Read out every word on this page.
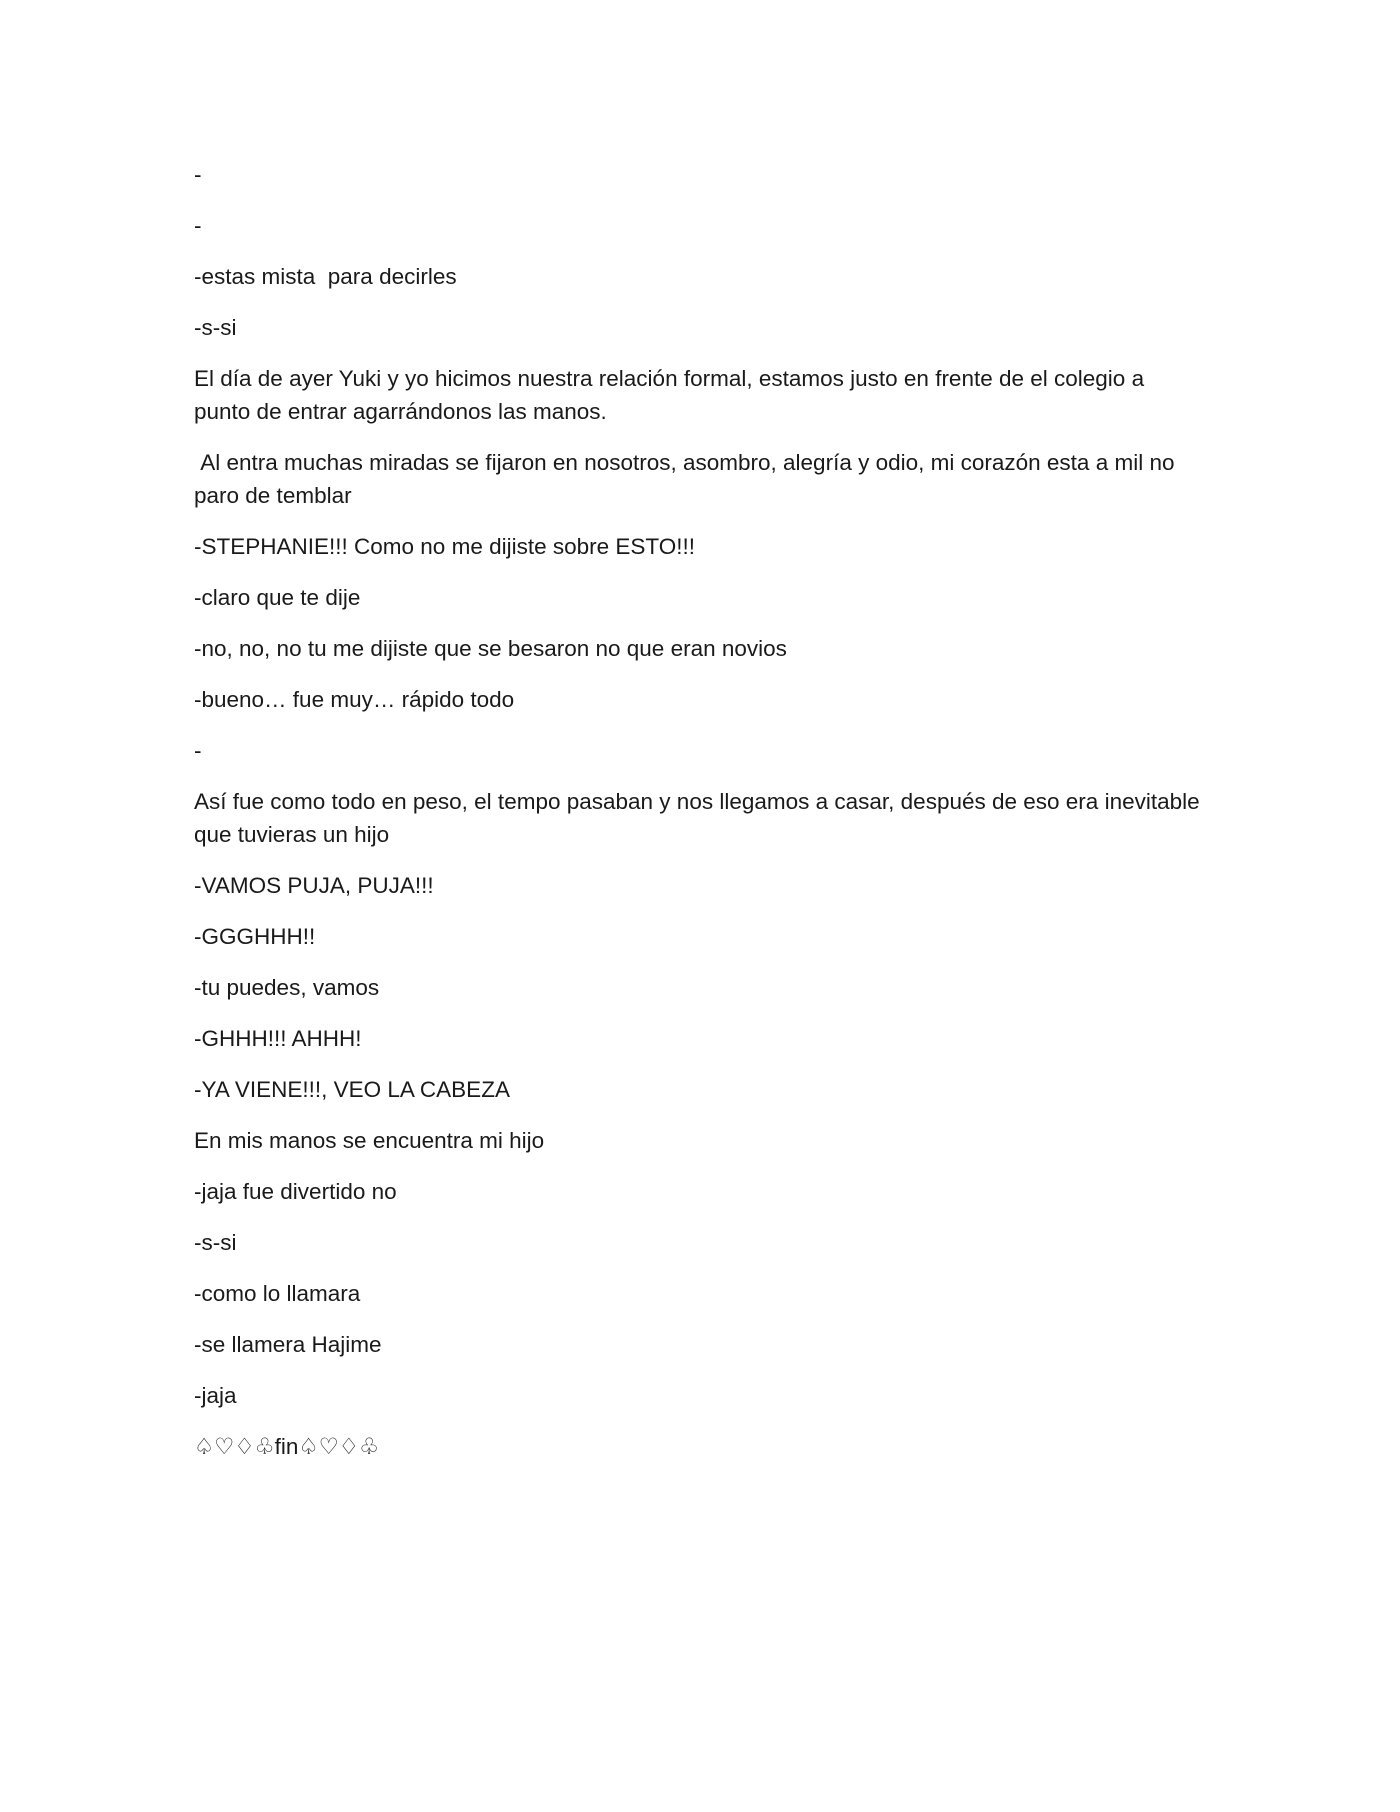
-

-

-estas mista  para decirles

-s-si

El día de ayer Yuki y yo hicimos nuestra relación formal, estamos justo en frente de el colegio a punto de entrar agarrándonos las manos.

Al entra muchas miradas se fijaron en nosotros, asombro, alegría y odio, mi corazón esta a mil no paro de temblar

-STEPHANIE!!! Como no me dijiste sobre ESTO!!!

-claro que te dije

-no, no, no tu me dijiste que se besaron no que eran novios

-bueno… fue muy… rápido todo

-

Así fue como todo en peso, el tempo pasaban y nos llegamos a casar, después de eso era inevitable que tuvieras un hijo

-VAMOS PUJA, PUJA!!!

-GGGHHH!!

-tu puedes, vamos

-GHHH!!! AHHH!

-YA VIENE!!!, VEO LA CABEZA

En mis manos se encuentra mi hijo

-jaja fue divertido no

-s-si

-como lo llamara

-se llamera Hajime

-jaja

♤♡♢♧fin♤♡♢♧
